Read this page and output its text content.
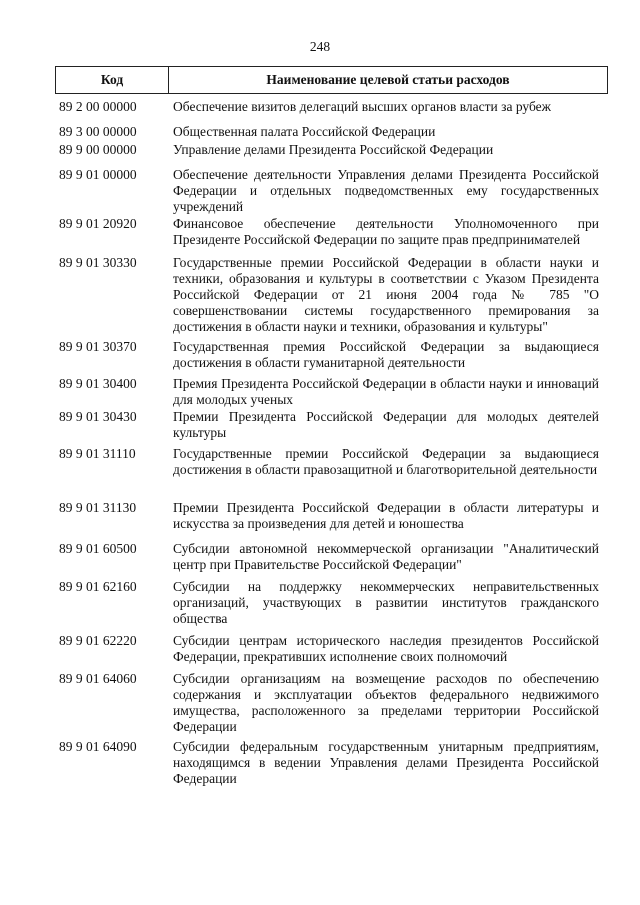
248
Код	Наименование целевой статьи расходов
89 2 00 00000	Обеспечение визитов делегаций высших органов власти за рубеж
89 3 00 00000	Общественная палата Российской Федерации
89 9 00 00000	Управление делами Президента Российской Федерации
89 9 01 00000	Обеспечение деятельности Управления делами Президента Российской Федерации и отдельных подведомственных ему государственных учреждений
89 9 01 20920	Финансовое обеспечение деятельности Уполномоченного при Президенте Российской Федерации по защите прав предпринимателей
89 9 01 30330	Государственные премии Российской Федерации в области науки и техники, образования и культуры в соответствии с Указом Президента Российской Федерации от 21 июня 2004 года № 785 "О совершенствовании системы государственного премирования за достижения в области науки и техники, образования и культуры"
89 9 01 30370	Государственная премия Российской Федерации за выдающиеся достижения в области гуманитарной деятельности
89 9 01 30400	Премия Президента Российской Федерации в области науки и инноваций для молодых ученых
89 9 01 30430	Премии Президента Российской Федерации для молодых деятелей культуры
89 9 01 31110	Государственные премии Российской Федерации за выдающиеся достижения в области правозащитной и благотворительной деятельности
89 9 01 31130	Премии Президента Российской Федерации в области литературы и искусства за произведения для детей и юношества
89 9 01 60500	Субсидии автономной некоммерческой организации "Аналитический центр при Правительстве Российской Федерации"
89 9 01 62160	Субсидии на поддержку некоммерческих неправительственных организаций, участвующих в развитии институтов гражданского общества
89 9 01 62220	Субсидии центрам исторического наследия президентов Российской Федерации, прекративших исполнение своих полномочий
89 9 01 64060	Субсидии организациям на возмещение расходов по обеспечению содержания и эксплуатации объектов федерального недвижимого имущества, расположенного за пределами территории Российской Федерации
89 9 01 64090	Субсидии федеральным государственным унитарным предприятиям, находящимся в ведении Управления делами Президента Российской Федерации
